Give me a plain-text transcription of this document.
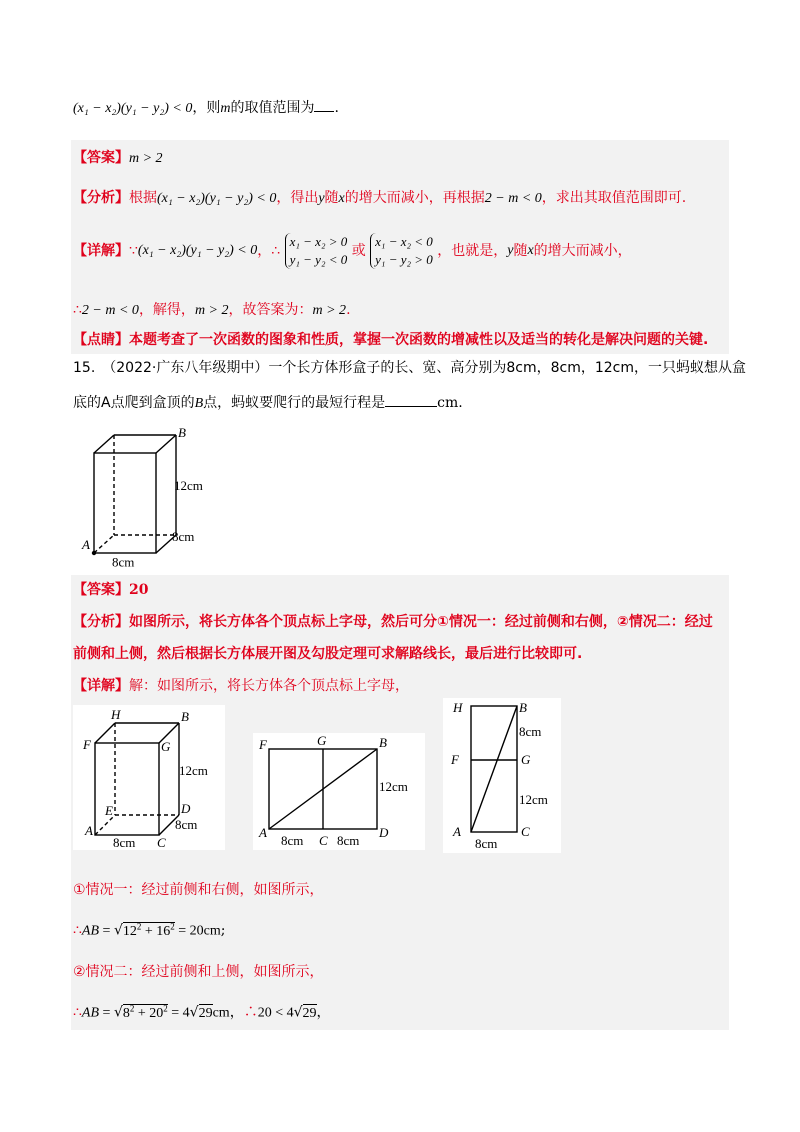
(x₁ − x₂)(y₁ − y₂) < 0，则m的取值范围为 .
【答案】m > 2
【分析】根据(x₁ − x₂)(y₁ − y₂) < 0，得出y随x的增大而减小，再根据2 − m < 0，求出其取值范围即可.
【详解】∵(x₁ − x₂)(y₁ − y₂) < 0，∴ x₁ − x₂ > 0
y₁ − y₂ < 0 或 x₁ − x₂ < 0
y₁ − y₂ > 0 ，也就是，y随x的增大而减小，
∴2 − m < 0，解得，m > 2，故答案为：m > 2.
【点睛】本题考查了一次函数的图象和性质，掌握一次函数的增减性以及适当的转化是解决问题的关键.
15.　（2022·广东八年级期中）一个长方体形盒子的长、宽、高分别为8cm，8cm，12cm，一只蚂蚁想从盒
底的A点爬到盒顶的B点，蚂蚁要爬行的最短行程是	cm.
A
B
12cm
8cm
8cm
【答案】20
【分析】如图所示，将长方体各个顶点标上字母，然后可分①情况一：经过前侧和右侧，②情况二：经过
前侧和上侧，然后根据长方体展开图及勾股定理可求解路线长，最后进行比较即可.
【详解】解：如图所示，将长方体各个顶点标上字母，
H	B
F	G
E	D
A
C
12cm
8cm
8cm
F	G	B
A
C
D
12cm
8cm	8cm
H	B
F	G
A	C
8cm
12cm
8cm
①情况一：经过前侧和右侧，如图所示，
∴AB = $√12^2 + 16^2 = 20cm$;
②情况二：经过前侧和上侧，如图所示，
∴AB = $√8^2 + 20^2 = 4√29cm$，∴20 < 4√29，
